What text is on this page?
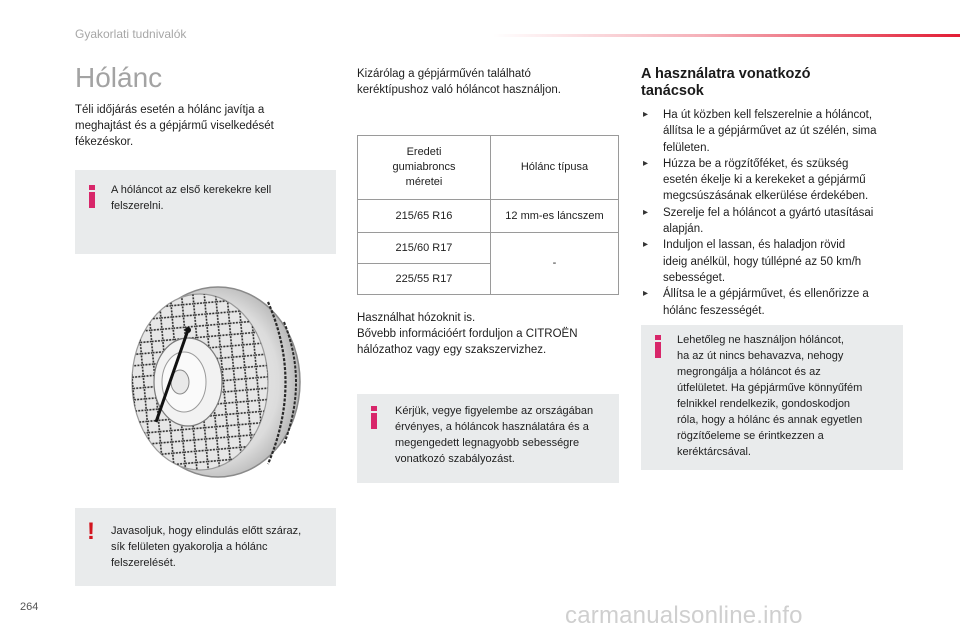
Gyakorlati tudnivalók
Hólánc
Téli időjárás esetén a hólánc javítja a
meghajtást és a gépjármű viselkedését
fékezéskor.
A hóláncot az első kerekekre kell
felszerelni.
! Javasoljuk, hogy elindulás előtt száraz,
sík felületen gyakorolja a hólánc
felszerelését.
Kizárólag a gépjárművén található
keréktípushoz való hóláncot használjon.
Eredeti
gumiabroncs
méretei	Hólánc típusa
215/65 R16	12 mm-es láncszem
215/60 R17	-
225/55 R17	
Használhat hózoknit is.
Bővebb információért forduljon a CITROËN
hálózathoz vagy egy szakszervizhez.
Kérjük, vegye figyelembe az országában
érvényes, a hóláncok használatára és a
megengedett legnagyobb sebességre
vonatkozó szabályozást.
A használatra vonatkozó
tanácsok
▸ Ha út közben kell felszerelnie a hóláncot,
állítsa le a gépjárművet az út szélén, sima
felületen.
▸ Húzza be a rögzítőféket, és szükség
esetén ékelje ki a kerekeket a gépjármű
megcsúszásának elkerülése érdekében.
▸ Szerelje fel a hóláncot a gyártó utasításai
alapján.
▸ Induljon el lassan, és haladjon rövid
ideig anélkül, hogy túllépné az 50 km/h
sebességet.
▸ Állítsa le a gépjárművet, és ellenőrizze a
hólánc feszességét.
Lehetőleg ne használjon hóláncot,
ha az út nincs behavazva, nehogy
megrongálja a hóláncot és az
útfelületet. Ha gépjárműve könnyűfém
felnikkel rendelkezik, gondoskodjon
róla, hogy a hólánc és annak egyetlen
rögzítőeleme se érintkezzen a
keréktárcsával.
264	carmanualsonline.info
